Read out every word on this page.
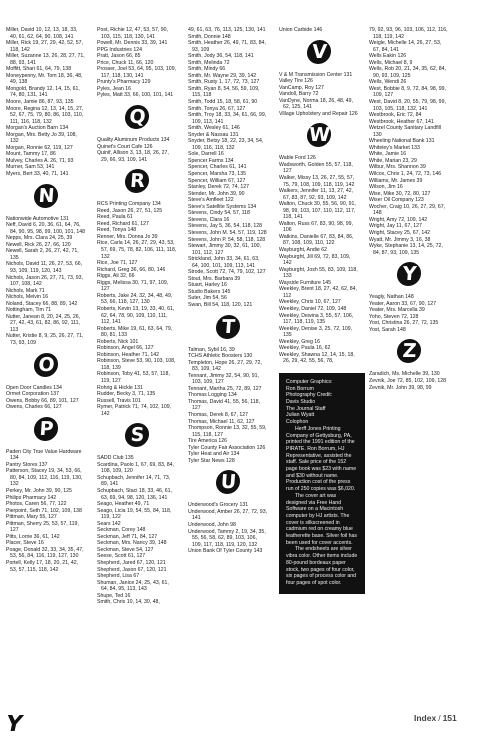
Miller, David 10, 12, 13, 18, 33, 40, 61, 62, 64, 90, 108, 141

Miller, Rick 19, 27, 29, 42, 52, 57, 118, 142

Miller, Suzanne 13, 26, 28, 27, 71, 88, 93, 141

Moffitt, Shari 61, 64, 79, 138

Moneypenny, Mr. Tom 18, 36, 48, 49, 138

Mongold, Brandy 12, 14, 15, 61, 74, 80, 131, 141

Moore, Jamie 86, 87, 93, 135

Moore, Regina 12, 13, 14, 15, 27, 52, 67, 75, 79, 80, 86, 103, 110, 111, 116, 118, 132

Morgan's Auction Barn 134

Morgan, Mrs. Betty Jo 39, 108, 132

Morgan, Ronnie 62, 119, 127

Mount, Tammy 17, 86

Mulvey, Charles A. 26, 71, 93

Murner, Sam 53, 141

Myers, Bert 33, 40, 71, 141

N

Nationwide Automotive 131

Neff, David 6, 20, 36, 61, 64, 76, 84, 90, 95, 98, 99, 100, 101, 148

Nepps, Mrs. Clara 24, 25, 39

Newell, Rick 26, 27, 66, 120

Newell, Sarah 2, 26, 27, 42, 71, 135

Nichols, David 11, 26, 27, 53, 66, 93, 109, 119, 120, 143

Nichols, Jason 26, 27, 71, 73, 93, 107, 108, 142

Nichols, Mark 71

Nichols, Melvin 16

Noland, Stacey 66, 88, 89, 142

Nottingham, Tim 71

Nutter, Janean 8, 20, 24, 25, 26, 27, 42, 43, 61, 82, 86, 92, 111, 113

Nutter, Kristie 8, 9, 25, 26, 27, 71, 73, 93, 109

O

Open Door Candles 134

Ormet Corporation 137

Owens, Bobby 66, 89, 101, 127

Owens, Charles 66, 127

P

Paden City True Value Hardware 134

Pantry Stores 137

Patterson, Stacey 19, 34, 53, 66, 80, 84, 109, 112, 116, 119, 130, 132

Perkey, Mr. John 39, 90, 125

Philips Pharmacy 142

Photos, Caren 56, 77, 122

Pierpoint, Seth 71, 102, 109, 138

Pittman, Mary 55, 127

Pittman, Sherry 25, 53, 57, 119, 127

Pitts, Lorrie 36, 61, 142

Placer, Steve 16

Poage, Donald 32, 33, 34, 35, 47, 53, 56, 84, 116, 119, 127, 130

Portell, Kelly 17, 18, 20, 21, 42, 53, 57, 115, 118, 142

Post, Richie 12, 47, 53, 57, 90, 103, 115, 118, 130, 141

Powell, Mr. Dennis 33, 39, 141

PPG Industries 124

Pratt, Jason 66, 85

Price, Chuck 11, 66, 120

Prosser, Joel 53, 64, 95, 103, 109, 117, 118, 130, 141

Prunty's Pharmacy 129

Pyles, Jean 16

Pyles, Matt 33, 66, 100, 101, 141

Q

Quality Aluminum Products 134

Quinet's Court Cafe 126

Quinif, Allison 3, 13, 18, 26, 27, 29, 66, 93, 109, 141

R

RCS Printing Company 134

Reed, Jason 26, 27, 51, 125

Reed, Paula 61

Reed, Richard 61, 127

Reed, Tonya 148

Renner, Mrs. Donna Jo 39

Rice, Carla 14, 26, 27, 29, 43, 53, 57, 69, 75, 78, 82, 106, 111, 118, 132

Rice, Joe 71, 127

Richard, Greg 36, 66, 80, 146

Riggs, Ali 32, 66

Riggs, Melissa 30, 71, 97, 109, 127

Roberts, Jake 24, 32, 34, 48, 49, 53, 66, 118, 127, 130

Roberts, Kevin 13, 19, 33, 40, 61, 62, 64, 78, 90, 109, 110, 111, 112, 141

Roberts, Mike 19, 61, 63, 64, 79, 80, 81, 133

Roberts, Nick 101

Robinson, Angel 66, 127

Robinson, Heather 71, 142

Robinson, Steve 53, 90, 103, 108, 118, 139

Robinson, Toby 41, 53, 57, 118, 119, 127

Rohrig & Hickle 131

Rudder, Becky 3, 71, 135

Russell, Travis 101

Rymer, Patrick 71, 74, 102, 109, 142

S

SADD Club 135

Scardina, Paolo 1, 67, 69, 83, 84, 108, 109, 120

Schupbach, Jennifer 14, 71, 73, 89, 141

Schupbach, Staci 18, 33, 46, 61, 63, 69, 94, 98, 120, 136, 141

Seago, Heather 49, 71

Seago, Licia 19, 54, 55, 84, 118, 119, 122

Sears 142

Seckman, Corey 148

Seckman, Jeff 71, 84, 127

Seckman, Mrs. Nancy 39, 148

Seckman, Steve 54, 127

Seese, Scott 61, 127

Shepherd, Jared 67, 120, 121

Shepherd, Jason 67, 120, 121

Shepherd, Lisa 67

Shuman, Janice 24, 25, 43, 61, 64, 84, 95, 113, 143

Shupe, Ted 16

Smith, Chris 10, 14, 30, 48,

49, 61, 63, 76, 113, 125, 130, 141

Smith, Donnie 148

Smith, Heather 26, 49, 71, 83, 84, 93, 109

Smith, Jody 36, 54, 118, 141

Smith, Melinda 72

Smith, Mindy 66

Smith, Mr. Wayne 29, 39, 142

Smith, Rusty 1, 17, 72, 73, 127

Smith, Ryan 8, 54, 56, 59, 109, 115, 118

Smith, Todd 15, 18, 58, 61, 90

Smith, Tonya 26, 67, 127

Smith, Troy 18, 33, 34, 61, 66, 99, 109, 113, 141

Smith, Wesley 61, 146

Snyder & Nassau 131

Snyder, Betsy 18, 22, 23, 34, 54, 109, 116, 118, 132

Sole, Darrell 16

Spencer Farms 134

Spencer, Charles 61, 141

Spencer, Marsha 73, 135

Spencer, William 67, 127

Stanley, Derek 72, 74, 127

Stender, Mr. John 39, 90

Steve's Amfleet 122

Steve's Satellite Systems 134

Stevens, Cindy 54, 57, 118

Stevens, Clara 16

Stevens, Jay 5, 36, 54, 118, 128

Stevens, John M. 54, 57, 119, 128

Stevens, John P. 54, 58, 118, 128

Stewart, Jimmy 30, 32, 61, 100, 101, 112, 127

Strickland, John 33, 34, 61, 63, 64, 100, 101, 109, 113, 141

Strode, Scott 72, 74, 79, 102, 127

Stout, Mrs. Barbara 39

Stuart, Harley 16

Studio Bakers 145

Suter, Jim 54, 56

Swan, Bill 54, 118, 120, 121

T

Talman, Sybil 16, 39

TCHS Athletic Boosters 130

Templeton, Hope 26, 27, 29, 72, 83, 109, 142

Tennant, Jimmy 32, 54, 90, 91, 103, 109, 127

Tennant, Martha 25, 72, 89, 127

Thomas Logging 134

Thomas, David 41, 55, 56, 118, 127

Thomas, Derek 8, 67, 127

Thomas, Michael 11, 62, 127

Thompson, Ronnie 13, 32, 55, 59, 115, 118, 127

Tire America 126

Tyler County Fair Association 126

Tyler Heat and Air 134

Tyler Star News 128

U

Underwood's Grocery 131

Underwood, Amber 26, 27, 72, 93, 141

Underwood, John 98

Underwood, Tammy 2, 19, 34, 35, 55, 56, 58, 62, 89, 103, 106, 109, 117, 118, 119, 120, 132

Union Bank Of Tyler County 143

Union Carbide 146

V

V & M Transmission Center 131

Valley Tire 126

VanCamp, Roy 127

Vandoll, Barry 72

VanDyne, Norma 18, 26, 48, 49, 62, 125, 141

Village Upholstery and Repair 126

W

Wable Ford 126

Wadsworth, Golden 55, 57, 118, 127

Walker, Missy 13, 26, 27, 55, 57, 75, 79, 108, 109, 118, 119, 142

Walkers, Jennifer 11, 13, 27, 42, 67, 83, 87, 92, 93, 109, 142

Walton, Chuck 30, 55, 56, 90, 91, 98, 99, 103, 107, 110, 112, 117, 118, 141

Walton, Russ 67, 83, 90, 98, 99, 106

Watkins, Danielle 67, 83, 84, 86, 87, 108, 109, 110, 122

Wayburght, Andie 62

Wayburght, Jill 69, 72, 83, 109, 142

Wayburght, Josh 55, 83, 109, 118, 133

Wayside Furniture 145

Weekley, Brent 18, 27, 42, 62, 84, 112

Weekley, Chris 10, 67, 127

Weekley, Daniel 72, 109, 148

Weekley, Dewina 3, 55, 57, 106, 117, 118, 119, 135

Weekley, Denise 3, 25, 72, 109, 135

Weekley, Greg 16

Weekley, Paula 16, 62

Weekley, Shawna 12, 14, 15, 18, 26, 29, 42, 55, 56, 78,

Computer Graphics:

Ron Borrum

Photography Credit:

Davis Studio

The Journal Staff

Julian Wyatt

Colophon

Herff Jones Printing Company of Gettysburg, PA, printed the 1991 edition of the PIRATE. Ron Borrum, HJ Representative, assisted the staff. Sale price of the 152 page book was $23 with name and $30 without name. Production cost of the press run of 250 copies was $6,020.

The cover art was designed via Free Hand Software on a Macintosh computer by HJ artists. The cover is silkscreened in cadmium red on creamy blue leatherette base. Silver foil has been used for cover accents.

The endsheets are silver vibra color. Other items include 80-pound bordeaux paper stock, two pages of four color, six pages of process color and four pages of spot color.

79, 92, 93, 96, 103, 106, 112, 116, 118, 119, 142

Weigle, Michelle 14, 26, 27, 53, 67, 84, 141

Wells Eakin 126

Wells, Michael 8, 9

Wells, Rob 20, 21, 34, 35, 62, 84, 90, 93, 109, 125

Wells, Wendi 26

West, Bobbie 8, 9, 72, 84, 98, 99, 109, 127

West, David 8, 20, 55, 79, 98, 99, 103, 105, 118, 132, 141

Westbrook, Eric 72, 84

Westbrook, Heather 67, 141

Wetzel County Sanitary Landfill 130

Wheeling National Bank 131

Whiteley's Market 133

White, Jamie 16

White, Marian 23, 29

Wilbur, Mrs. Shannon 39

Wilcox, Chris 1, 24, 72, 73, 146

Williams, Mr. James 39

Wilson, Jim 16

Wise, Mike 30, 72, 80, 127

Wiser Oil Company 123

Wocher, Craig 10, 26, 27, 29, 67, 148

Wright, Amy 72, 109, 142

Wright, Jay 11, 67, 127

Wright, Stacey 25, 67, 142

Wyatt, Mr. Jimmy 3, 16, 38

Wyke, Stephanie 13, 14, 25, 72, 84, 87, 93, 109, 135

Y

Yeagly, Nathan 148

Yeater, Aaron 33, 67, 90, 127

Yeater, Mrs. Marcella 39

Yoho, Steven 72, 128

Yost, Christina 26, 27, 72, 135

Yost, Sarah 148

Z

Zaradich, Ms. Michelle 39, 130

Zevnik, Joe 72, 85, 102, 109, 128

Zevnik, Mr. John 39, 98, 99

Y	Index / 151
